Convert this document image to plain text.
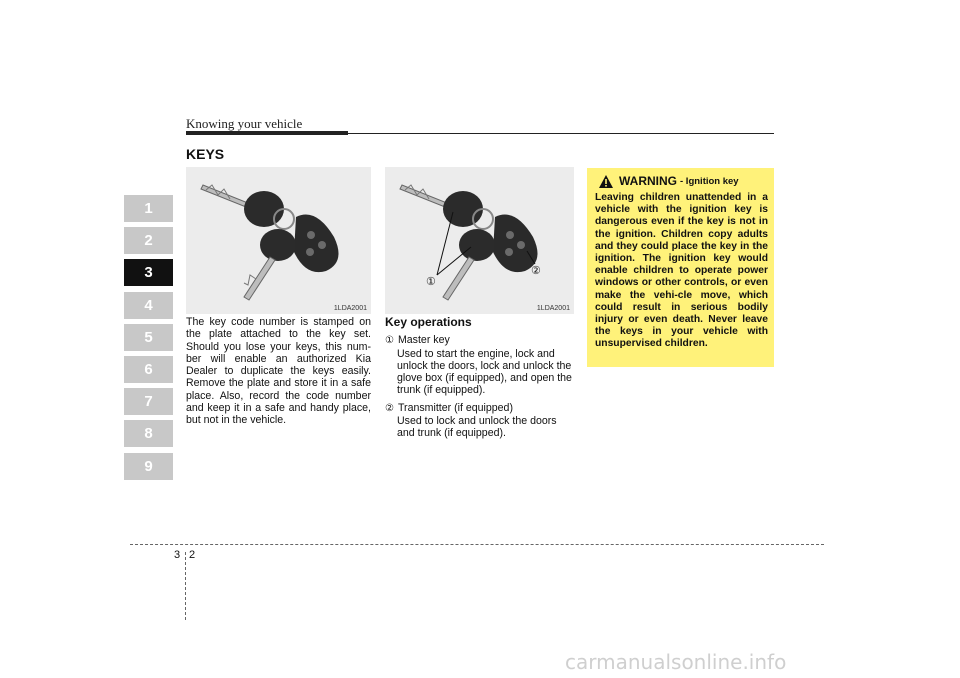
Knowing your vehicle
1
2
3
4
5
6
7
8
9
KEYS
1LDA2001
①
②
1LDA2001
The key code number is stamped on the plate attached to the key set. Should you lose your keys, this num-ber will enable an authorized Kia Dealer to duplicate the keys easily. Remove the plate and store it in a safe place. Also, record the code number and keep it in a safe and handy place, but not in the vehicle.
Key operations
① Master key
Used to start the engine, lock and unlock the doors, lock and unlock the glove box (if equipped), and open the trunk (if equipped).
② Transmitter (if equipped)
Used to lock and unlock the doors and trunk (if equipped).
WARNING - Ignition key
Leaving children unattended in a vehicle with the ignition key is dangerous even if the key is not in the ignition. Children copy adults and they could place the key in the ignition. The ignition key would enable children to operate power windows or other controls, or even make the vehi-cle move, which could result in serious bodily injury or even death. Never leave the keys in your vehicle with unsupervised children.
3 2
carmanualsonline.info
